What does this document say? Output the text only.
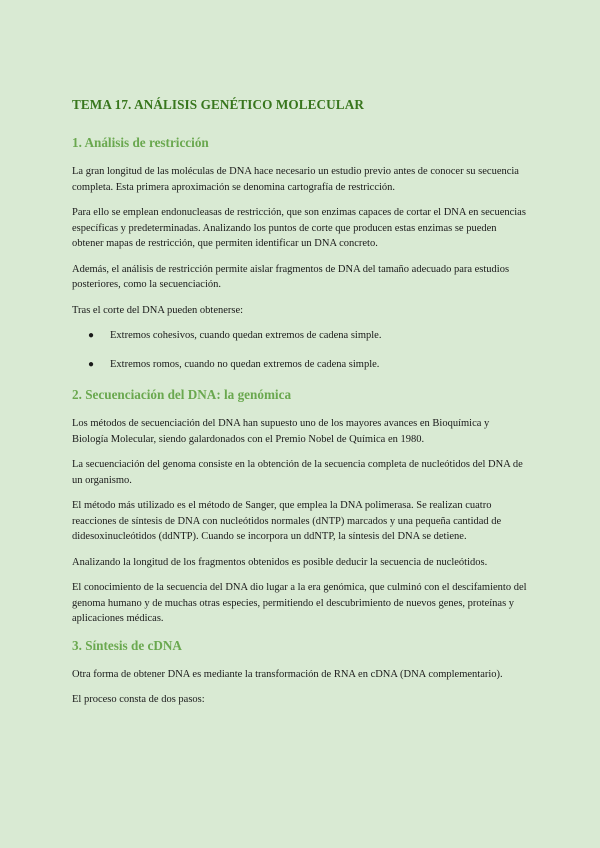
TEMA 17. ANÁLISIS GENÉTICO MOLECULAR
1. Análisis de restricción

La gran longitud de las moléculas de DNA hace necesario un estudio previo antes de conocer su secuencia completa. Esta primera aproximación se denomina cartografía de restricción.

Para ello se emplean endonucleasas de restricción, que son enzimas capaces de cortar el DNA en secuencias específicas y predeterminadas. Analizando los puntos de corte que producen estas enzimas se pueden obtener mapas de restricción, que permiten identificar un DNA concreto.

Además, el análisis de restricción permite aislar fragmentos de DNA del tamaño adecuado para estudios posteriores, como la secuenciación.

Tras el corte del DNA pueden obtenerse:

● Extremos cohesivos, cuando quedan extremos de cadena simple.
● Extremos romos, cuando no quedan extremos de cadena simple.
2. Secuenciación del DNA: la genómica

Los métodos de secuenciación del DNA han supuesto uno de los mayores avances en Bioquímica y Biología Molecular, siendo galardonados con el Premio Nobel de Química en 1980.

La secuenciación del genoma consiste en la obtención de la secuencia completa de nucleótidos del DNA de un organismo.

El método más utilizado es el método de Sanger, que emplea la DNA polimerasa. Se realizan cuatro reacciones de síntesis de DNA con nucleótidos normales (dNTP) marcados y una pequeña cantidad de didesoxinucleótidos (ddNTP). Cuando se incorpora un ddNTP, la síntesis del DNA se detiene.

Analizando la longitud de los fragmentos obtenidos es posible deducir la secuencia de nucleótidos.

El conocimiento de la secuencia del DNA dio lugar a la era genómica, que culminó con el descifamiento del genoma humano y de muchas otras especies, permitiendo el descubrimiento de nuevos genes, proteínas y aplicaciones médicas.

3. Síntesis de cDNA

Otra forma de obtener DNA es mediante la transformación de RNA en cDNA (DNA complementario).

El proceso consta de dos pasos:
